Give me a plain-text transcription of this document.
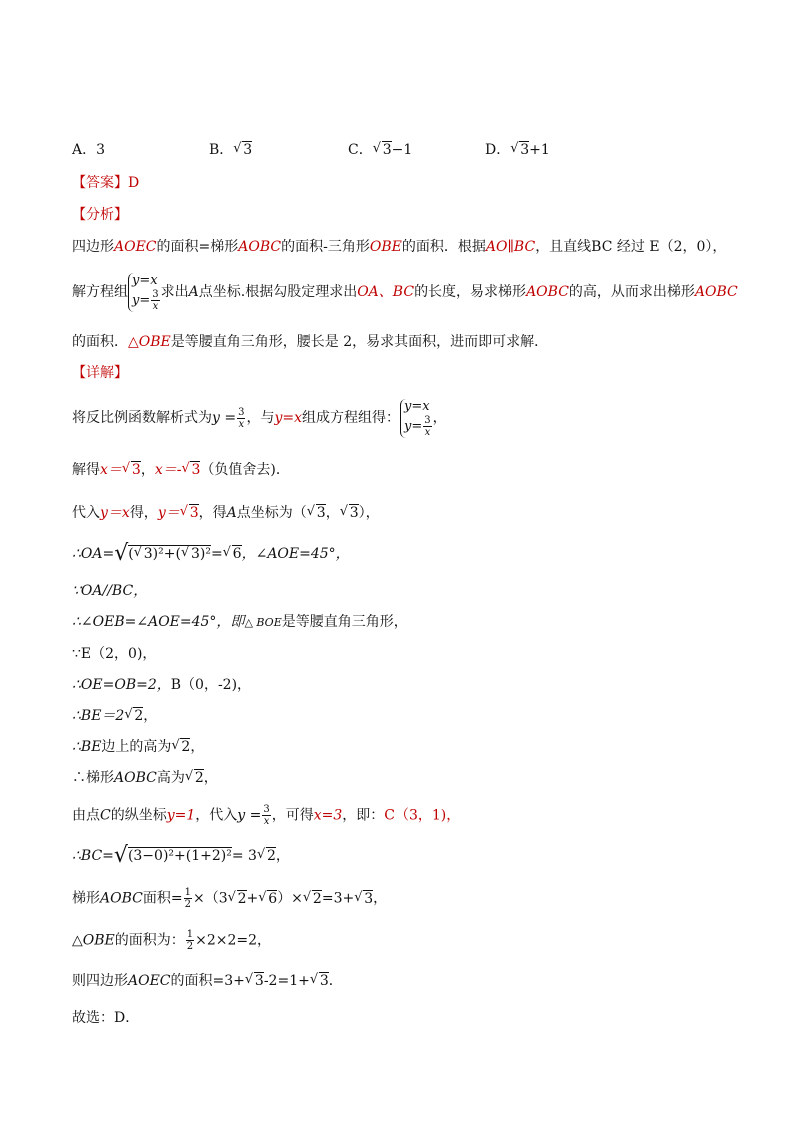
A．3	B．√ 3	C．√ 3−1	D．√ 3+1
【答案】D
【分析】
四边形AOEC的面积=梯形AOBC的面积-三角形OBE的面积．根据AO∥BC，且直线BC 经过 E（2，0），
解方程组y=x
$y= \frac{3}{x}$ 求出A点坐标.根据勾股定理求出OA、BC的长度，易求梯形AOBC的高，从而求出梯形AOBC
的面积．△OBE是等腰直角三角形，腰长是 2，易求其面积，进而即可求解．
【详解】
将反比例函数解析式为$y = \frac{3}{x}$ ，与y=x组成方程组得：y=x
$y= \frac{3}{x}$ ，
解得x＝√ 3，x＝-√ 3（负值舍去)．
代入y＝x得，y＝√ 3，得A点坐标为（√ 3，√ 3），
∴OA=√(√ 3)²+(√ 3)²=√ 6，∠AOE=45°，
∵OA//BC，
∴∠OEB=∠AOE=45°，即△ BOE是等腰直角三角形，
∵E（2，0)，
∴OE=OB=2，B（0，-2)，
∴BE＝2√ 2，
∴BE边上的高为√ 2，
∴梯形AOBC高为√ 2，
由点C的纵坐标y=1，代入$y = \frac{3}{x}$ ，可得x=3，即：C（3，1)，
∴BC=√(3−0)²+(1+2)²= 3√ 2，
梯形AOBC面积= $\frac{1}{2} \times(3√$ 2+√ 6）×√ 2=3+√ 3，
△OBE的面积为： $\frac{1}{2} \times 2\times 2=2$，
则四边形AOEC的面积=3+√ 3-2=1+√ 3．
故选：D．
